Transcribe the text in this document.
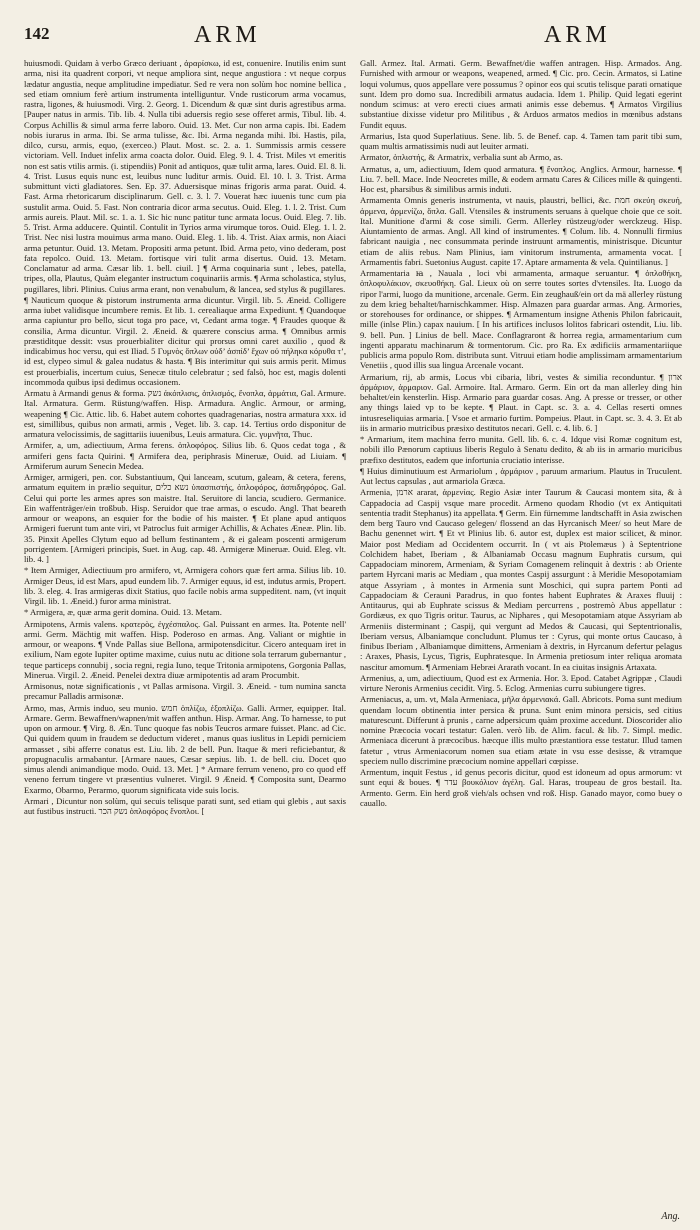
142	ARM	ARM

huiusmodi. Quidam à verbo Græco deriuant , ἀραρίσκω, id est, conuenire. Inutilis enim sunt arma, nisi ita quadrent corpori, vt neque ampliora sint, neque angustiora : vt neque corpus lædatur angustia, neque amplitudine impediatur. Sed re vera non solùm hoc nomine bellica , sed etiam omnium ferè artium instrumenta intelliguntur. Vnde rusticorum arma vocamus, rastra, ligones, & huiusmodi. Virg. 2. Georg. 1. Dicendum & quæ sint duris agrestibus arma. [Pauper natus in armis. Tib. lib. 4. Nulla tibi aduersis regio sese offeret armis, Tibul. lib. 4. Corpus Achillis & simul arma ferre laboro. Ouid. 13. Met. Cur non arma capis. Ibi. Eadem nobis iurarus in arma. Ibi. Se arma tulisse, &c. Ibi. Arma neganda mihi. Ibi. Hastis, pila, dilco, cursu, armis, equo, (exerceo.) Plaut. Most. sc. 2. a. 1. Summissis armis cessere victoriam. Vell. Induet infelix arma coacta dolor. Ouid. Eleg. 9. l. 4. Trist. Miles vt emeritis non est satis vtilis armis. (i. stipendiis) Ponit ad antiquos, quæ tulit arma, lares. Ouid. El. 8. li. 4. Trist. Lusus equis nunc est, leuibus nunc luditur armis. Ouid. El. 10. l. 3. Trist. Arma submittunt victi gladiatores. Sen. Ep. 37. Aduersisque minas frigoris arma parat. Ouid. 4. Fast. Arma rhetoricarum disciplinarum. Gell. c. 3. l. 7. Vouerat hæc iuuenis tunc cum pia sustulit arma. Ouid. 5. Fast. Non contraria dicor arma secutus. Ouid. Eleg. 1. l. 2. Trist. Cum armis aureis. Plaut. Mil. sc. 1. a. 1. Sic hic nunc patitur tunc armata locus. Ouid. Eleg. 7. lib. 5. Trist. Arma adducere. Quintil. Contulit in Tyrios arma virumque toros. Ouid. Eleg. 1. l. 2. Trist. Nec nisi lustra mouimus arma mano. Ouid. Eleg. 1. lib. 4. Trist. Aiax armis, non Aiaci arma petuntur. Ouid. 13. Metam. Propositi arma petunt. Ibid. Arma peto, vino dederam, post fata repolco. Ouid. 13. Metam. fortisque viri tulit arma disertus. Ouid. 13. Metam. Conclamatur ad arma. Cæsar lib. 1. bell. ciuil. ] ¶ Arma coquinaria sunt , lebes, patella, tripes, olla, Plautus, Quàm eleganter instructum coquinariis armis. ¶ Arma scholastica, stylus, pugillares, libri. Plinius. Cuius arma erant, non venabulum, & lancea, sed stylus & pugillares.

¶ Nauticum quoque & pistorum instrumenta arma dicuntur. Virgil. lib. 5. Æneid. Colligere arma iubet validisque incumbere remis. Et lib. 1. cerealiaque arma Expediunt. ¶ Quandoque arma capiuntur pro bello, sicut toga pro pace, vt, Cedant arma togæ. ¶ Fraudes quoque & consilia, Arma dicuntur. Virgil. 2. Æneid. & quærere conscius arma. ¶ Omnibus armis præstiditque dessit: vsus prouerbialiter dicitur qui prorsus omni caret auxilio , quod & indicabimus hoc versu, qui est Iliad. 5 Γυμνὸς ὅπλων οὐδ’ ἀσπίδ’ ἔχων οὐ πήληκα κόρυθα τ’, id est, clypeo simul & galea nudatus & hasta. ¶ Bis interimitur qui suis armis perit. Mimus est prouerbialis, incertum cuius, Senecæ titulo celebratur ; sed falsò, hoc est, magis dolenti incommoda quibus ipsi dedimus occasionem.

Armatu à Armandi genus & forma. נשק ἀκόπλισις, ὁπλισμός, ἔνοπλα, ἁρμάτια, Gal. Armure. Ital. Armatura. Germ. Rüstung/waffen. Hisp. Armadura. Anglic. Armour, or arming, weapening ¶ Cic. Attic. lib. 6. Habet autem cohortes quadragenarias, nostra armatura xxx. id est, simillibus, quibus non armati, armis , Veget. lib. 3. cap. 14. Tertius ordo disponitur de armatura velocissimis, de sagittariis iuuenibus, Leuis armatura. Cic. γυμνῆτα, Thuc.

Armifer, a, um, adiectiuum, Arma ferens. ὁπλοφόρος. Silius lib. 6. Quos cedat toga , & armiferi gens facta Quirini. ¶ Armifera dea, periphrasis Mineruæ, Ouid. ad Liuiam. ¶ Armiferum aurum Senecin Medea.

Armiger, armigeri, pen. cor. Substantiuum, Qui lanceam, scutum, galeam, & cetera, ferens, armatum equitem in prælio sequitur, נשא כלים ὑπασπιστής, ὁπλοφόρος, ἀσπιδηφόρος. Gal. Celui qui porte les armes apres son maistre. Ital. Seruitore di lancia, scudiero. Germanice. Ein waffenträger/ein troßbub. Hisp. Seruidor que trae armas, o escudo. Angl. That beareth armour or weapons, an esquier for the bodie of his maister. ¶ Et plane apud antiquos Armigeri fuerunt tum ante viri, vt Patroclus fuit armiger Achillis, & Achates Æneæ. Plin. lib. 35. Pinxit Apelles Clytum equo ad bellum festinantem , & ei galeam poscenti armigerum porrigentem. [Armigeri principis, Suet. in Aug. cap. 48. Armigeræ Mineruæ. Ouid. Eleg. vlt. lib. 4. ]

* Item Armiger, Adiectiuum pro armifero, vt, Armigera cohors quæ fert arma. Silius lib. 10. Armiger Deus, id est Mars, apud eundem lib. 7. Armiger equus, id est, indutus armis, Propert. lib. 3. eleg. 4. Iras armigeras dixit Statius, quo facile nobis arma suppeditent. nam, (vt inquit Virgil. lib. 1. Æneid.) furor arma ministrat.

* Armigera, æ, quæ arma gerit domina. Ouid. 13. Metam.

Armipotens, Armis valens. κρατερὸς, ἐγχέσπαλος. Gal. Puissant en armes. Ita. Potente nell' armi. Germ. Mächtig mit waffen. Hisp. Poderoso en armas. Ang. Valiant or mightie in armour, or weapons. ¶ Vnde Pallas siue Bellona, armipotensdicitur. Cicero antequam iret in exilium, Nam egote Iupiter optime maxime, cuius nutu ac ditione sola terrarum gubernantur , teque particeps connubij , socia regni, regia Iuno, teque Tritonia armipotens, Gorgonia Pallas, Minerua. Virgil. 2. Æneid. Penelei dextra diuæ armipotentis ad aram Procumbit.

Armisonus, notæ significationis , vt Pallas armisona. Virgil. 3. Æneid. - tum numina sancta precamur Palladis armisonæ.

Armo, mas, Armis induo, seu munio. חמש ὁπλίζω, ἐξοπλίζω. Galli. Armer, equipper. Ital. Armare. Germ. Bewaffnen/wapnen/mit waffen anthun. Hisp. Armar. Ang. To harnesse, to put upon on armour. ¶ Virg. 8. Æn. Tunc quoque fas nobis Teucros armare fuisset. Planc. ad Cic. Qui quidem quum in fraudem se deductum videret , manus quas iuslitus in Lepidi perniciem armasset , sibi afferre conatus est. Liu. lib. 2 de bell. Pun. Itaque & meri reficiebantur, & propugnaculis armabantur. [Armare naues, Cæsar sæpius. lib. 1. de bell. ciu. Docet quo simus alendi animandique modo. Ouid. 13. Met. ] * Armare ferrum veneno, pro co quod eff veneno ferrum tingere vt præsentius vulneret. Virgil. 9 Æneid. ¶ Composita sunt, Dearmo Exarmo, Obarmo, Perarmo, quorum significata vide suis locis.

Armari , Dicuntur non solùm, qui secuis telisque parati sunt, sed etiam qui glebis , aut saxis aut fustibus instructi. נשק הכר ὁπλοφόρος ἔνοπλοι. [

Gall. Armez. Ital. Armati. Germ. Bewaffnet/die waffen antragen. Hisp. Armados. Ang. Furnished with armour or weapons, weapened, armed. ¶ Cic. pro. Cecin. Armatos, si Latine loqui volumus, quos appellare vere possumus ? opinor eos qui scutis telisque parati ornatique sunt. Idem pro domo sua. Incredibili armatus audacia. Idem 1. Philip. Quid legati egerint nondum scimus: at vero erecti ciues armati animis esse debemus. ¶ Armatos Virgilius substantiue dixisse videtur pro Militibus , & Arduos armatos medios in mœnibus adstans Fundit equus.

Armarius, Ista quod Superlatiuus. Sene. lib. 5. de Benef. cap. 4. Tamen tam parit tibi sum, quam multis armatissimis nudi aut leuiter armati.

Armator, ὁπλιστής, & Armatrix, verbalia sunt ab Armo, as.

Armatus, a, um, adiectiuum, Idem quod armatura. ¶ ἔνοπλος. Anglics. Armour, harnesse. ¶ Liu. 7. bell. Mace. Inde Neocretes mille, & eodem armatu Cares & Cilices mille & quingenti. Hoc est, pharsibus & similibus armis induti.

Armamenta Omnis generis instrumenta, vt nauis, plaustri, bellici, &c. חמת σκεύη σκευή, ἀρμενα, ἁρμενίζω, ὅπλα. Gall. Vtensiles & instruments seruans à quelque choie que ce soit. Ital. Munitione d'armi & cose simili. Germ. Allerley rüstzeug/oder werckzeug. Hisp. Aiuntamiento de armas. Angl. All kind of instrumentes. ¶ Colum. lib. 4. Nonnulli firmius fabricant nauigia , nec consummata perinde instruunt armamentis, ministrisque. Dicuntur etiam de aliis rebus. Nam Plinius, iam vinitorum instrumenta, armamenta vocat. [ Armamentis fabri. Suetonius August. capite 17. Aptare armamenta & vela. Quintilianus. ]

Armamentaria ꙗ , Nauala , loci vbi armamenta, armaque seruantur. ¶ ὁπλοθήκη, ὁπλοφυλάκιον, σκευοθήκη. Gal. Lieux où on serre toutes sortes d'vtensiles. Ita. Luogo da ripor l'armi, luogo da munitione, arcenale. Germ. Ein zeughauß/ein ort da mä allerley rüstung zu dem krieg behaltet/harnischkammer. Hisp. Almazen para guardar armas. Ang. Armories, or storehouses for ordinance, or shippes. ¶ Armamentum insigne Athenis Philon fabricauit, mille (inlse Plin.) capax nauium. [ In his artifices inclusos lolitos fabricari ostendit, Liu. lib. 9. bell. Pun. ] Linius de bell. Mace. Conflagraront & horrea regia, armamentarium cum ingenti apparatu machinarum & tormentorum. Cic. pro Ra. Ex ædificiis armamentariique publicis arma populo Rom. distributa sunt. Vitruui etiam hodie amplissimam armamentarium Venetiis , quod illis sua lingua Arcenale vocant.

Armarium, rij, ab armis, Locus vbi cibaria, libri, vestes & similia reconduntur. ¶ ארון ἀρμάριον, ἀρμαριον. Gal. Armoire. Ital. Armaro. Germ. Ein ort da man allerley ding hin behaltet/ein kensterlin. Hisp. Armario para guardar cosas. Ang. A presse or tresser, or other any things laied vp to be kepte. ¶ Plaut. in Capt. sc. 3. a. 4. Cellas reserti omnes intusreseliquias armaria. [ Vsoe et armario furtim. Pompeius. Plaut. in Capt. sc. 3. 4. 3. Et ab iis in armario mutricibus præsixo destitutos necari. Gell. c. 4. lib. 6. ]

* Armarium, item machina ferro munita. Gell. lib. 6. c. 4. Idque visi Romæ cognitum est, nobili illo Pænorum captiuus liberis Regulo à Senatu dedito, & ab iis in armario muricibus præfixo destitutos, eadem que infortunia cruciatio interisse.

¶ Huius diminutiuum est Armariolum , ἀρμάριον , paruum armarium. Plautus in Truculent. Aut lectus capsulas , aut armariola Græca.

Armenia, ארמן ararat, ἀρμενίας. Regio Asiæ inter Taurum & Caucasi montem sita, & à Cappadocia ad Caspij vsque mare procedit. Armeno quodam Rhodio (vt ex Antiquitati sententia tradit Stephanus) ita appellata. ¶ Germ. Ein fürnemme landtschafft in Asia zwischen dem berg Tauro vnd Caucaso gelegen/ flossend an das Hyrcanisch Meer/ so heut Mare de Bachu genennet wirt. ¶ Et vt Plinius lib. 6. autor est, duplex est maior scilicet, & minor. Maior post Mediam ad Occidentem occurrit. In ( vt ais Ptolemæus ) à Septentrione Colchidem habet, Iberiam , & Albaniamab Occasu magnum Euphratis cursum, qui Cappadociam minorem, Armeniam, & Syriam Comagenem relinquit à dextris : ab Oriente partem Hyrcani maris ac Mediam , qua montes Caspij assurgunt : à Meridie Mesopotamiam atque Assyriam , à montes in Armenia sunt Moschici, qui supra partem Ponti ad Cappadociam & Cerauni Paradrus, in quo fontes habent Euphrates & Araxes fluuij : Antitaurus, qui ab Euphrate scissus & Mediam percurrens , postremò Abus appellatur : Gordiæus, ex quo Tigris oritur. Taurus, ac Niphares , qui Mesopotamiam atque Assyriam ab Armeniis disterminant ; Caspij, qui vergunt ad Medos & Caucasi, qui Septentrionalis, Iberiam versus, Albaniamque concludunt. Plumus ter : Cyrus, qui monte ortus Caucaso, à finibus Iberiam , Albaniamque dimittens, Armeniam à dextris, in Hyrcanum defertur pelagus : Araxes, Phasis, Lycus, Tigris, Euphratesque. In Armenia pretiosum inter reliqua aromata nascitur amomum. ¶ Armeniam Hebræi Ararath vocant. In ea ciuitas insignis Artaxata.

Armenius, a, um, adiectiuum, Quod est ex Armenia. Hor. 3. Epod. Catabet Agrippæ , Claudi virture Neronis Armenius cecidit. Virg. 5. Eclog. Armenias curru subiungere tigres.

Armeniacus, a, um. vt, Mala Armeniaca, μῆλα ἀρμενιακά. Gall. Abricots. Poma sunt medium quendam locum obtinentia inter persica & pruna. Sunt enim minora persicis, sed citius maturescunt. Differunt à prunis , carne adpersicum quàm proxime accedunt. Dioscorider alio nomine Præcocia vocari testatur: Galen. verò lib. de Alim. facul. & lib. 7. Simpl. medic. Armeniaca dicerunt à præcocibus. hæcque illis multo præstantiora esse testatur. Illud tamen fatetur , vtrus Armeniacorum nomen sua etiam ætate in vsu esse desisse, & vtramque speciem nullo discrimine præcocium nomine appellari cœpisse.

Armentum, inquit Festus , id genus pecoris dicitur, quod est idoneum ad opus armorum: vt sunt equi & boues. ¶ עדר βουκόλιον ἀγέλη. Gal. Haras, troupeau de gros bestail. Ita. Armento. Germ. Ein herd groß vieh/als ochsen vnd roß. Hisp. Ganado mayor, como buey o cauallo.

Ang.
